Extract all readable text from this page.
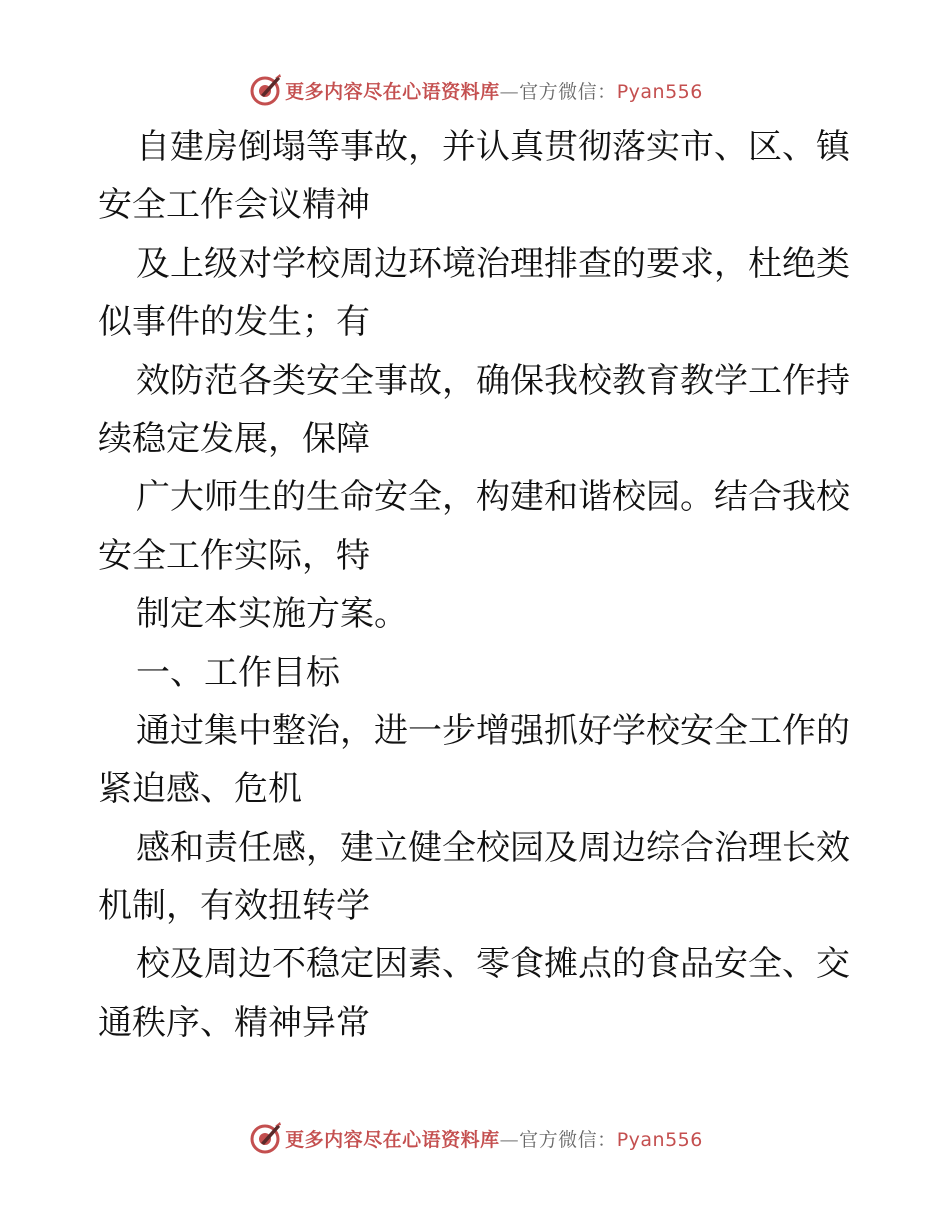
更多内容尽在心语资料库—官方微信：Pyan556
自建房倒塌等事故，并认真贯彻落实市、区、镇
安全工作会议精神
及上级对学校周边环境治理排查的要求，杜绝类
似事件的发生；有
效防范各类安全事故，确保我校教育教学工作持
续稳定发展，保障
广大师生的生命安全，构建和谐校园。结合我校
安全工作实际，特
制定本实施方案。
一、工作目标
通过集中整治，进一步增强抓好学校安全工作的
紧迫感、危机
感和责任感，建立健全校园及周边综合治理长效
机制，有效扭转学
校及周边不稳定因素、零食摊点的食品安全、交
通秩序、精神异常
更多内容尽在心语资料库—官方微信：Pyan556
